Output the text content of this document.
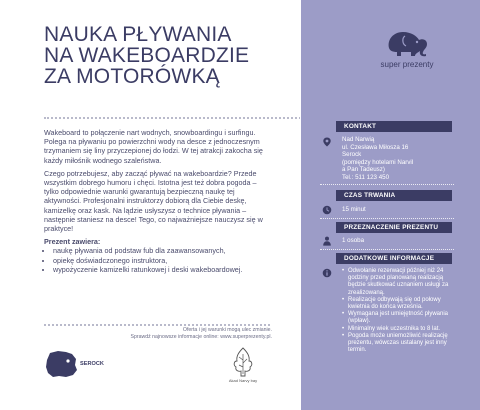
NAUKA PŁYWANIA
NA WAKEBOARDZIE
ZA MOTORÓWKĄ

Wakeboard to połączenie nart wodnych, snowboardingu i surfingu. Polega na pływaniu po powierzchni wody na desce z jednoczesnym trzymaniem się liny przyczepionej do łodzi. W tej atrakcji zakocha się każdy miłośnik wodnego szaleństwa.

Czego potrzebujesz, aby zacząć pływać na wakeboardzie? Przede wszystkim dobrego humoru i chęci. Istotna jest też dobra pogoda – tylko odpowiednie warunki gwarantują bezpieczną naukę tej aktywności. Profesjonalni instruktorzy dobiorą dla Ciebie deskę, kamizelkę oraz kask. Na lądzie usłyszysz o technice pływania – następnie staniesz na desce! Tego, co najważniejsze nauczysz się w praktyce!

Prezent zawiera:
• naukę pływania od podstaw fub dla zaawansowanych,
• opiekę doświadczonego instruktora,
• wypożyczenie kamizelki ratunkowej i deski wakeboardowej.
Oferta i jej warunki mogą ulec zmianie.
Sprawdź najnowsze informacje online: www.superprezenty.pl.
SEROCK
Akad Narvy bay
super prezenty
KONTAKT
Nad Narwią
ul. Czesława Miłosza 16
Serock
(pomiędzy hotelami Narvil
a Pan Tadeusz)
Tel.: 511 123 450
CZAS TRWANIA
15 minut
PRZEZNACZENIE PREZENTU
1 osoba
DODATKOWE INFORMACJE
• Odwołanie rezerwacji później niż 24 godziny przed planowaną realizacją będzie skutkować uznaniem usługi za zrealizowaną.
• Realizacje odbywają się od połowy kwietnia do końca września.
• Wymagana jest umiejętność pływania (wpław).
• Minimalny wiek uczestnika to 8 lat.
• Pogoda może uniemożliwić realizację prezentu, wówczas ustalany jest inny termin.
